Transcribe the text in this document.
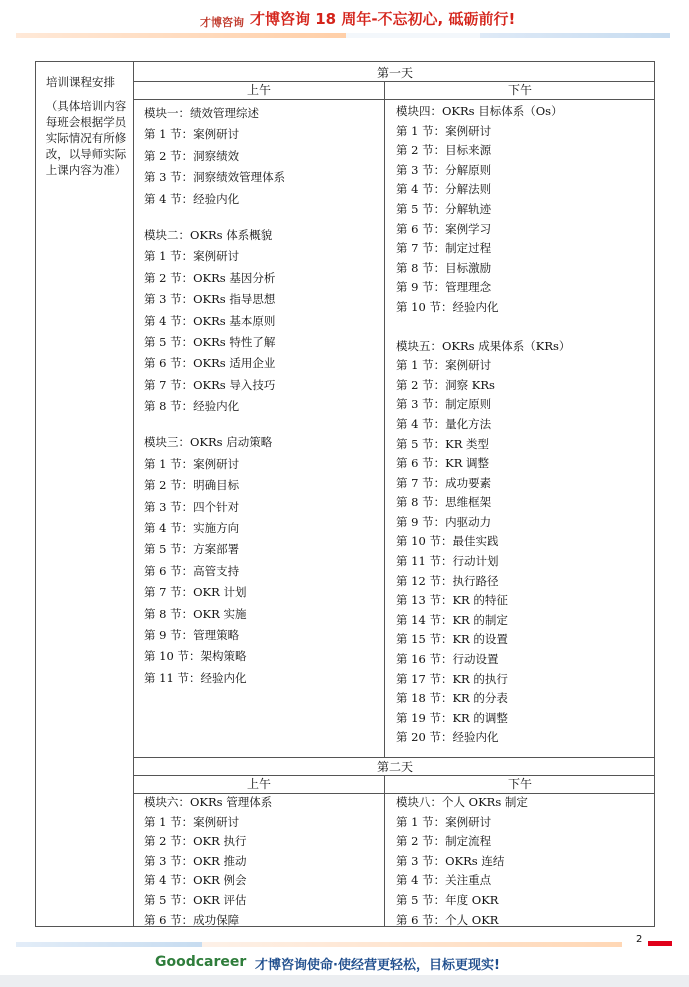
才博咨询 才博咨询 18 周年-不忘初心, 砥砺前行!
培训课程安排
（具体培训内容每班会根据学员实际情况有所修改，以导师实际上课内容为准）
第一天
上午	下午
模块一：绩效管理综述
第 1 节：案例研讨
第 2 节：洞察绩效
第 3 节：洞察绩效管理体系
第 4 节：经验内化
模块二：OKRs 体系概貌
第 1 节：案例研讨
第 2 节：OKRs 基因分析
第 3 节：OKRs 指导思想
第 4 节：OKRs 基本原则
第 5 节：OKRs 特性了解
第 6 节：OKRs 适用企业
第 7 节：OKRs 导入技巧
第 8 节：经验内化
模块三：OKRs 启动策略
第 1 节：案例研讨
第 2 节：明确目标
第 3 节：四个针对
第 4 节：实施方向
第 5 节：方案部署
第 6 节：高管支持
第 7 节：OKR 计划
第 8 节：OKR 实施
第 9 节：管理策略
第 10 节：架构策略
第 11 节：经验内化
模块四：OKRs 目标体系（Os）
第 1 节：案例研讨
第 2 节：目标来源
第 3 节：分解原则
第 4 节：分解法则
第 5 节：分解轨迹
第 6 节：案例学习
第 7 节：制定过程
第 8 节：目标激励
第 9 节：管理理念
第 10 节：经验内化
模块五：OKRs 成果体系（KRs）
第 1 节：案例研讨
第 2 节：洞察 KRs
第 3 节：制定原则
第 4 节：量化方法
第 5 节：KR 类型
第 6 节：KR 调整
第 7 节：成功要素
第 8 节：思维框架
第 9 节：内驱动力
第 10 节：最佳实践
第 11 节：行动计划
第 12 节：执行路径
第 13 节：KR 的特征
第 14 节：KR 的制定
第 15 节：KR 的设置
第 16 节：行动设置
第 17 节：KR 的执行
第 18 节：KR 的分表
第 19 节：KR 的调整
第 20 节：经验内化
第二天
上午	下午
模块六：OKRs 管理体系
第 1 节：案例研讨
第 2 节：OKR 执行
第 3 节：OKR 推动
第 4 节：OKR 例会
第 5 节：OKR 评估
第 6 节：成功保障
模块八：个人 OKRs 制定
第 1 节：案例研讨
第 2 节：制定流程
第 3 节：OKRs 连结
第 4 节：关注重点
第 5 节：年度 OKR
第 6 节：个人 OKR
2
Goodcareer 才博咨询使命·使经营更轻松，目标更现实!
